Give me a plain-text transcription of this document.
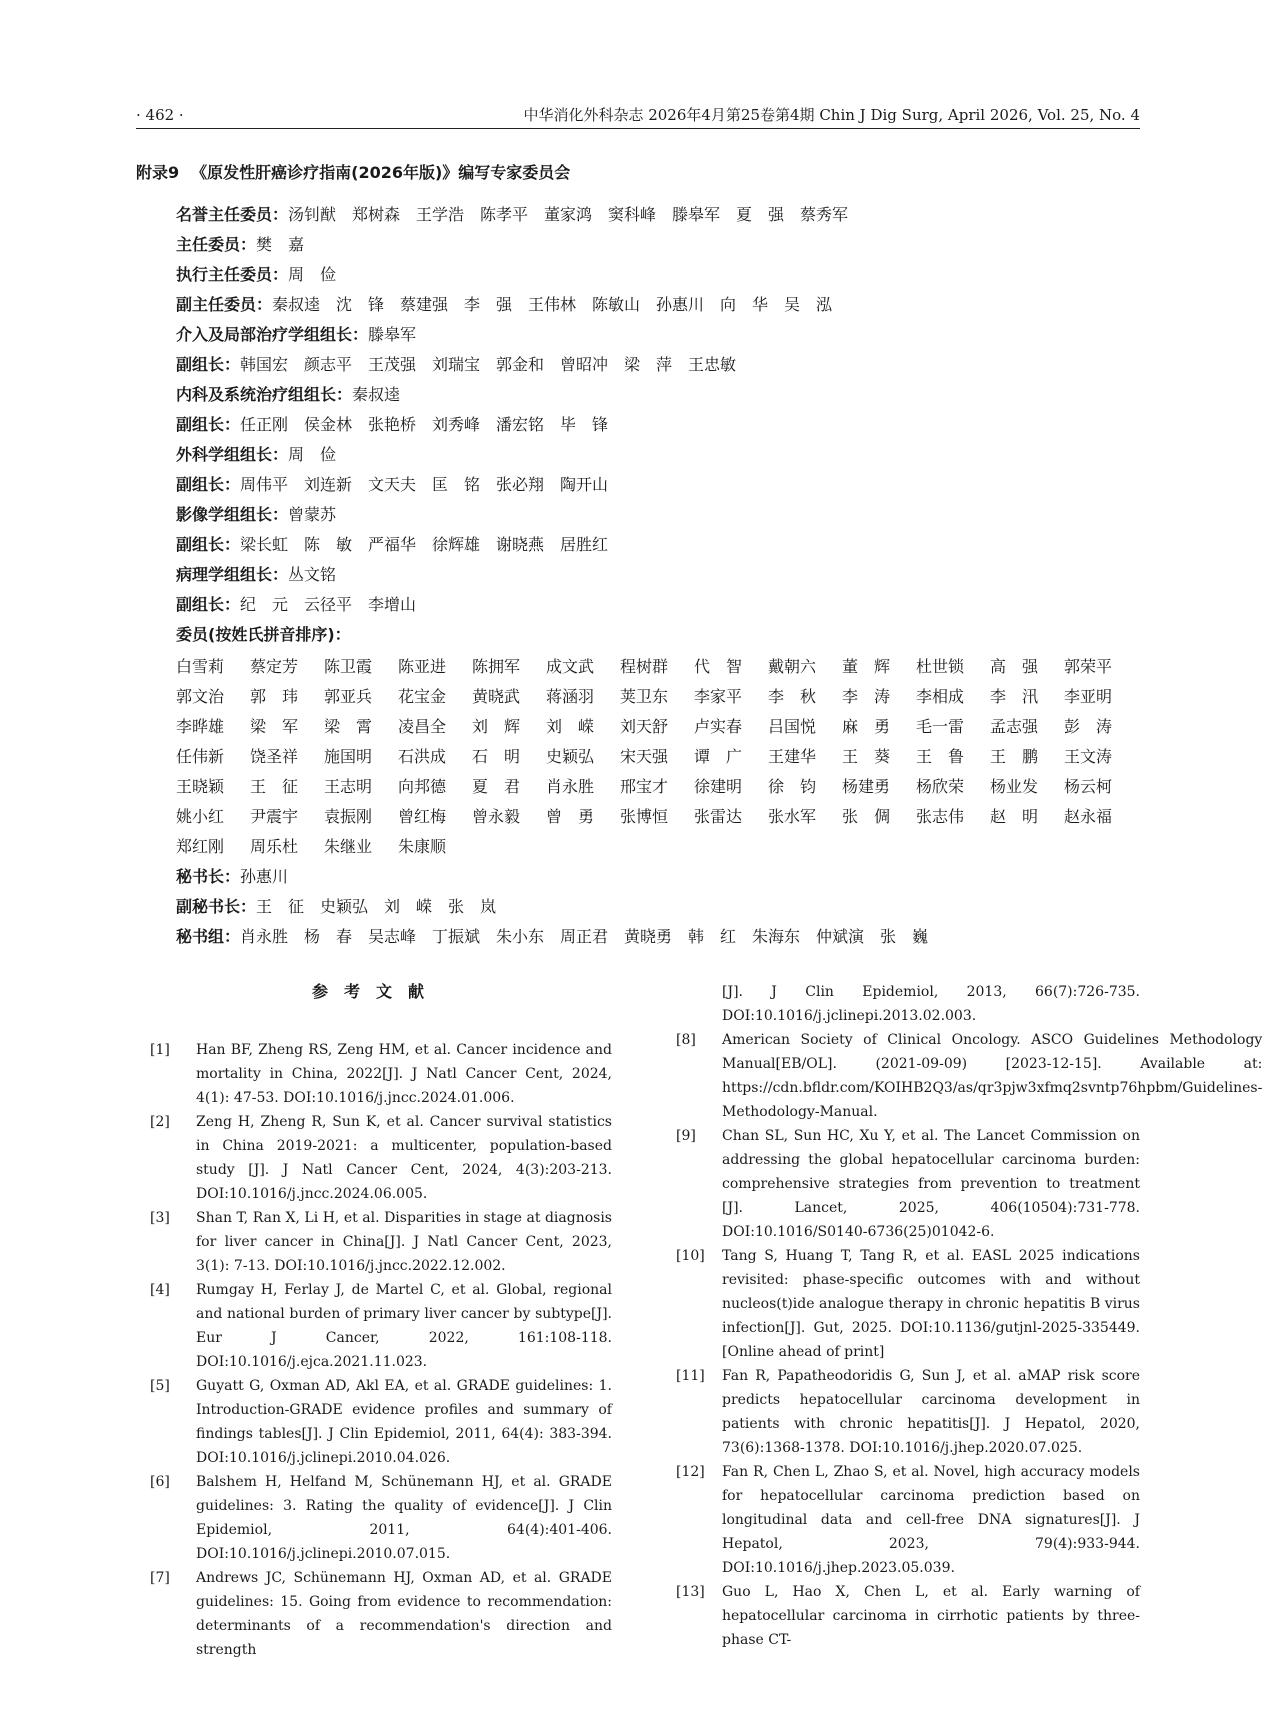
· 462 ·	中华消化外科杂志 2026年4月第25卷第4期 Chin J Dig Surg, April 2026, Vol. 25, No. 4
附录9 《原发性肝癌诊疗指南(2026年版)》编写专家委员会
名誉主任委员：汤钊猷　郑树森　王学浩　陈孝平　董家鸿　窦科峰　滕皋军　夏　强　蔡秀军
主任委员：樊　嘉
执行主任委员：周　俭
副主任委员：秦叔逵　沈　锋　蔡建强　李　强　王伟林　陈敏山　孙惠川　向　华　吴　泓
介入及局部治疗学组组长：滕皋军
副组长：韩国宏　颜志平　王茂强　刘瑞宝　郭金和　曾昭冲　梁　萍　王忠敏
内科及系统治疗组组长：秦叔逵
副组长：任正刚　侯金林　张艳桥　刘秀峰　潘宏铭　毕　锋
外科学组组长：周　俭
副组长：周伟平　刘连新　文天夫　匡　铭　张必翔　陶开山
影像学组组长：曾蒙苏
副组长：梁长虹　陈　敏　严福华　徐辉雄　谢晓燕　居胜红
病理学组组长：丛文铭
副组长：纪　元　云径平　李增山
委员(按姓氏拼音排序)：
白雪莉	蔡定芳	陈卫霞	陈亚进	陈拥军	成文武	程树群	代　智	戴朝六	董　辉	杜世锁	高　强	郭荣平
郭文治	郭　玮	郭亚兵	花宝金	黄晓武	蒋涵羽	荚卫东	李家平	李　秋	李　涛	李相成	李　汛	李亚明
李晔雄	梁　军	梁　霄	凌昌全	刘　辉	刘　嵘	刘天舒	卢实春	吕国悦	麻　勇	毛一雷	孟志强	彭　涛
任伟新	饶圣祥	施国明	石洪成	石　明	史颖弘	宋天强	谭　广	王建华	王　葵	王　鲁	王　鹏	王文涛
王晓颖	王　征	王志明	向邦德	夏　君	肖永胜	邢宝才	徐建明	徐　钧	杨建勇	杨欣荣	杨业发	杨云柯
姚小红	尹震宇	袁振刚	曾红梅	曾永毅	曾　勇	张博恒	张雷达	张水军	张　倜	张志伟	赵　明	赵永福
郑红刚	周乐杜	朱继业	朱康顺
秘书长：孙惠川
副秘书长：王　征　史颖弘　刘　嵘　张　岚
秘书组：肖永胜　杨　春　吴志峰　丁振斌　朱小东　周正君　黄晓勇　韩　红　朱海东　仲斌演　张　巍
参考文献
[1]	Han BF, Zheng RS, Zeng HM, et al. Cancer incidence and mortality in China, 2022[J]. J Natl Cancer Cent, 2024, 4(1): 47-53. DOI:10.1016/j.jncc.2024.01.006.
[2]	Zeng H, Zheng R, Sun K, et al. Cancer survival statistics in China 2019-2021: a multicenter, population-based study [J]. J Natl Cancer Cent, 2024, 4(3):203-213. DOI:10.1016/j.jncc.2024.06.005.
[3]	Shan T, Ran X, Li H, et al. Disparities in stage at diagnosis for liver cancer in China[J]. J Natl Cancer Cent, 2023, 3(1): 7-13. DOI:10.1016/j.jncc.2022.12.002.
[4]	Rumgay H, Ferlay J, de Martel C, et al. Global, regional and national burden of primary liver cancer by subtype[J]. Eur J Cancer, 2022, 161:108-118. DOI:10.1016/j.ejca.2021.11.023.
[5]	Guyatt G, Oxman AD, Akl EA, et al. GRADE guidelines: 1. Introduction-GRADE evidence profiles and summary of findings tables[J]. J Clin Epidemiol, 2011, 64(4): 383-394. DOI:10.1016/j.jclinepi.2010.04.026.
[6]	Balshem H, Helfand M, Schünemann HJ, et al. GRADE guidelines: 3. Rating the quality of evidence[J]. J Clin Epidemiol, 2011, 64(4):401-406. DOI:10.1016/j.jclinepi.2010.07.015.
[7]	Andrews JC, Schünemann HJ, Oxman AD, et al. GRADE guidelines: 15. Going from evidence to recommendation: determinants of a recommendation's direction and strength
[J]. J Clin Epidemiol, 2013, 66(7):726-735. DOI:10.1016/j.jclinepi.2013.02.003.
[8]	American Society of Clinical Oncology. ASCO Guidelines Methodology Manual[EB/OL]. (2021-09-09) [2023-12-15]. Available at: https://cdn.bfldr.com/KOIHB2Q3/as/qr3pjw3xfmq2svntp76hpbm/Guidelines-Methodology-Manual.
[9]	Chan SL, Sun HC, Xu Y, et al. The Lancet Commission on addressing the global hepatocellular carcinoma burden: comprehensive strategies from prevention to treatment [J]. Lancet, 2025, 406(10504):731-778. DOI:10.1016/S0140-6736(25)01042-6.
[10]	Tang S, Huang T, Tang R, et al. EASL 2025 indications revisited: phase-specific outcomes with and without nucleos(t)ide analogue therapy in chronic hepatitis B virus infection[J]. Gut, 2025. DOI:10.1136/gutjnl-2025-335449. [Online ahead of print]
[11]	Fan R, Papatheodoridis G, Sun J, et al. aMAP risk score predicts hepatocellular carcinoma development in patients with chronic hepatitis[J]. J Hepatol, 2020, 73(6):1368-1378. DOI:10.1016/j.jhep.2020.07.025.
[12]	Fan R, Chen L, Zhao S, et al. Novel, high accuracy models for hepatocellular carcinoma prediction based on longitudinal data and cell-free DNA signatures[J]. J Hepatol, 2023, 79(4):933-944. DOI:10.1016/j.jhep.2023.05.039.
[13]	Guo L, Hao X, Chen L, et al. Early warning of hepatocellular carcinoma in cirrhotic patients by three-phase CT-
